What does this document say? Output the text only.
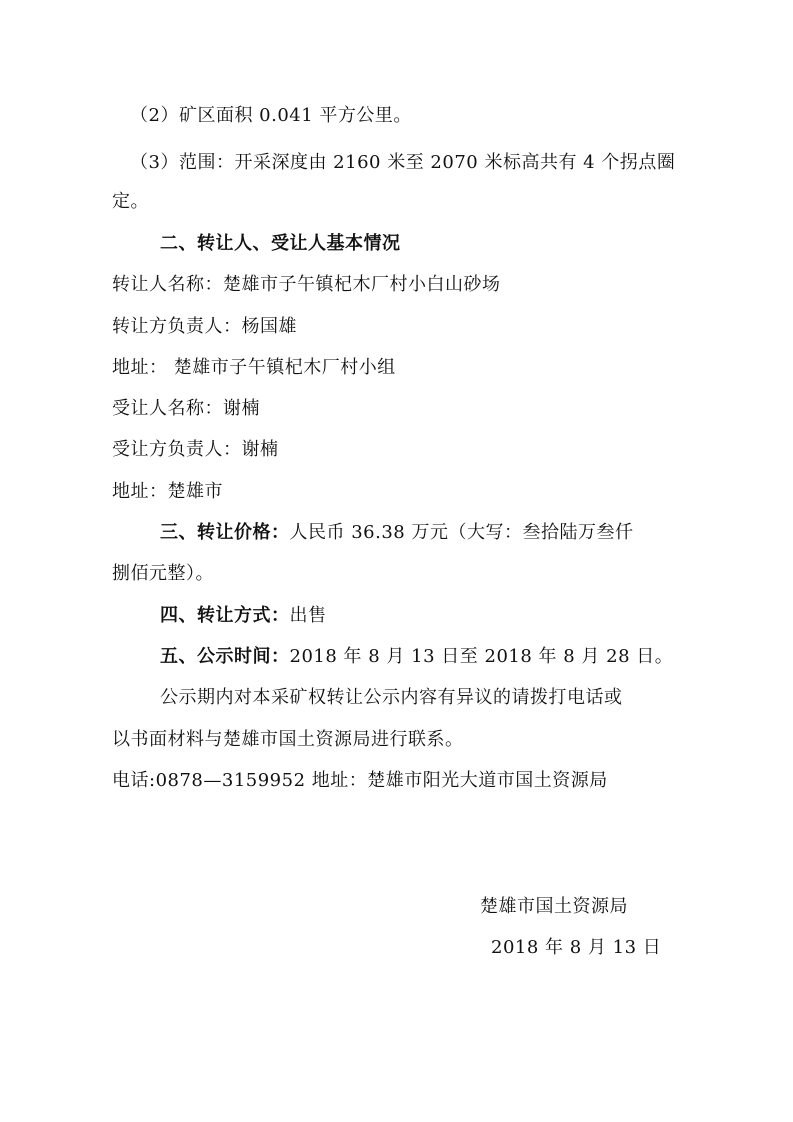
（2）矿区面积 0.041 平方公里。
（3）范围：开采深度由 2160 米至 2070 米标高共有 4 个拐点圈
定。
二、转让人、受让人基本情况
转让人名称：楚雄市子午镇杞木厂村小白山砂场
转让方负责人：杨国雄
地址： 楚雄市子午镇杞木厂村小组
受让人名称：谢楠
受让方负责人：谢楠
地址：楚雄市
三、转让价格：人民币 36.38 万元（大写：叁拾陆万叁仟
捌佰元整）。
四、转让方式：出售
五、公示时间：2018 年 8 月 13 日至 2018 年 8 月 28 日。
公示期内对本采矿权转让公示内容有异议的请拨打电话或
以书面材料与楚雄市国土资源局进行联系。
电话:0878—3159952 地址：楚雄市阳光大道市国土资源局
楚雄市国土资源局
2018 年 8 月 13 日
